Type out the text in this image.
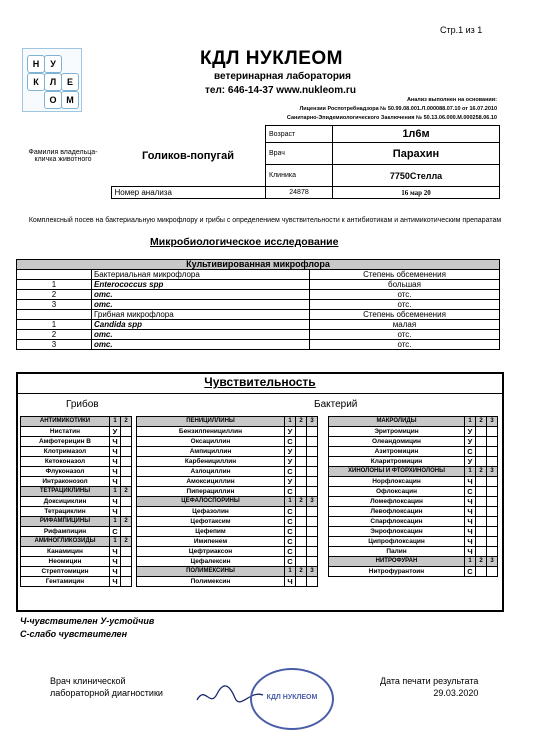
Стр.1 из 1
Н	У
К	Л	Е
О	М
КДЛ НУКЛЕОМ
ветеринарная лаборатория
тел: 646-14-37 www.nukleom.ru
Анализ выполнен на основании:
Лицензии Роспотребнадзора № 50.99.08.001.Л.000088.07.10 от 16.07.2010
Санитарно-Эпидемиологического Заключения № 50.13.06.000.М.000258.06.10
Фамилия владельца-кличка животного	Голиков-попугай	Возраст	1л6м
		Врач	Парахин
		Клиника	7750Стелла
	Номер анализа	24878	16 мар 20
Комплексный посев на бактериальную микрофлору и грибы с определением чувствительности к антибиотикам и антимикотическим препаратам
Микробиологическое исследование
Культивированная микрофлора		
	Бактериальная микрофлора	Степень обсеменения
1	Enterococcus spp	большая
2	отс.	отс.
3	отс.	отс.
	Грибная микрофлора	Степень обсеменения
1	Candida spp	малая
2	отс.	отс.
3	отс.	отс.
Чувствительность
Грибов	Бактерий
АНТИМИКОТИКИ	1	2
Нистатин	У	
Амфотерицин В	Ч	
Клотримазол	Ч	
Кетоконазол	Ч	
Флуконазол	Ч	
Интраконозол	Ч	
ТЕТРАЦИКЛИНЫ	1	2
Доксициклин	Ч	
Тетрациклин	Ч	
РИФАМПИЦИНЫ	1	2
Рифампицин	С	
АМИНОГЛИКОЗИДЫ	1	2
Канамицин	Ч	
Неомицин	Ч	
Стрептомицин	Ч	
Гентамицин	Ч	
ПЕНИЦИЛЛИНЫ	1	2	3
Бензилпенициллин	У		
Оксациллин	С		
Ампициллин	У		
Карбенициллин	У		
Азлоциллин	С		
Амоксициллин	У		
Пиперациллин	С		
ЦЕФАЛОСПОРИНЫ	1	2	3
Цефазолин	С		
Цефотаксим	С		
Цефепим	С		
Имипенем	С		
Цефтриаксон	С		
Цефалексин	С		
ПОЛИМЕКСИНЫ	1	2	3
Полимексин	Ч		
МАКРОЛИДЫ	1	2	3
Эритромицин	У		
Олеандомицин	У		
Азитромицин	С		
Кларитромицин	У		
ХИНОЛОНЫ И ФТОРХИНОЛОНЫ	1	2	3
Норфлоксацин	Ч		
Офлоксацин	С		
Ломефлоксацин	Ч		
Левофлоксацин	Ч		
Спарфлоксацин	Ч		
Энрофлоксацин	Ч		
Ципрофлоксацин	Ч		
Палин	Ч		
НИТРОФУРАН	1	2	3
Нитрофурантоин	С		
Ч-чувствителен У-устойчив
С-слабо чувствителен
Врач клинической
лабораторной диагностики	КДЛ НУКЛЕОМ
Дата печати результата
29.03.2020
